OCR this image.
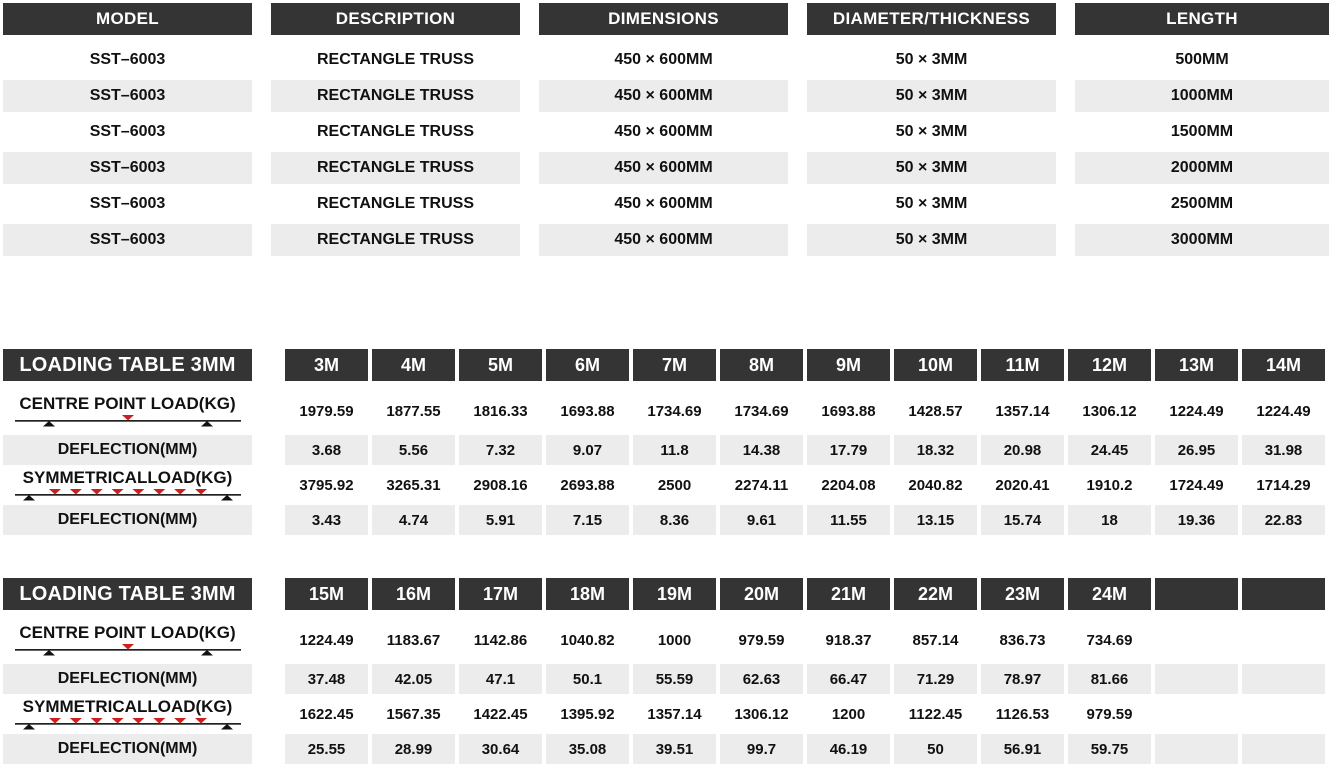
MODEL	DESCRIPTION	DIMENSIONS	DIAMETER/THICKNESS	LENGTH
SST–6003	RECTANGLE TRUSS	450 × 600MM	50 × 3MM	500MM
SST–6003	RECTANGLE TRUSS	450 × 600MM	50 × 3MM	1000MM
SST–6003	RECTANGLE TRUSS	450 × 600MM	50 × 3MM	1500MM
SST–6003	RECTANGLE TRUSS	450 × 600MM	50 × 3MM	2000MM
SST–6003	RECTANGLE TRUSS	450 × 600MM	50 × 3MM	2500MM
SST–6003	RECTANGLE TRUSS	450 × 600MM	50 × 3MM	3000MM
LOADING TABLE 3MM	3M	4M	5M	6M	7M	8M	9M	10M	11M	12M	13M	14M
CENTRE POINT LOAD(KG)	1979.59	1877.55	1816.33	1693.88	1734.69	1734.69	1693.88	1428.57	1357.14	1306.12	1224.49	1224.49
DEFLECTION(MM)	3.68	5.56	7.32	9.07	11.8	14.38	17.79	18.32	20.98	24.45	26.95	31.98
SYMMETRICALLOAD(KG)	3795.92	3265.31	2908.16	2693.88	2500	2274.11	2204.08	2040.82	2020.41	1910.2	1724.49	1714.29
DEFLECTION(MM)	3.43	4.74	5.91	7.15	8.36	9.61	11.55	13.15	15.74	18	19.36	22.83
LOADING TABLE 3MM	15M	16M	17M	18M	19M	20M	21M	22M	23M	24M
CENTRE POINT LOAD(KG)	1224.49	1183.67	1142.86	1040.82	1000	979.59	918.37	857.14	836.73	734.69
DEFLECTION(MM)	37.48	42.05	47.1	50.1	55.59	62.63	66.47	71.29	78.97	81.66
SYMMETRICALLOAD(KG)	1622.45	1567.35	1422.45	1395.92	1357.14	1306.12	1200	1122.45	1126.53	979.59
DEFLECTION(MM)	25.55	28.99	30.64	35.08	39.51	99.7	46.19	50	56.91	59.75
